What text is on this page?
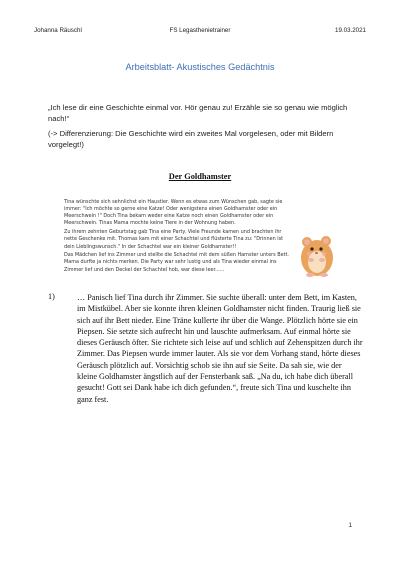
Johanna Räuschl	FS Legasthenietrainer	19.03.2021
Arbeitsblatt- Akustisches Gedächtnis
„Ich lese dir eine Geschichte einmal vor. Hör genau zu! Erzähle sie so genau wie möglich nach!“
(-> Differenzierung: Die Geschichte wird ein zweites Mal vorgelesen, oder mit Bildern vorgelegt!)
Der Goldhamster

Tina wünschte sich sehnlichst ein Haustier. Wenn es etwas zum Wünschen gab, sagte sie immer: "Ich möchte so gerne eine Katze! Oder wenigstens einen Goldhamster oder ein Meerschwein !" Doch Tina bekam weder eine Katze noch einen Goldhamster oder ein Meerschwein. Tinas Mama mochte keine Tiere in der Wohnung haben.

Zu ihrem zehnten Geburtstag gab Tina eine Party. Viele Freunde kamen und brachten ihr nette Geschenke mit. Thomas kam mit einer Schachtel und flüsterte Tina zu: "Drinnen ist dein Lieblingswunsch." In der Schachtel war ein kleiner Goldhamster!!

Das Mädchen lief ins Zimmer und stellte die Schachtel mit dem süßen Hamster unters Bett. Mama durfte ja nichts merken. Die Party war sehr lustig und als Tina wieder einmal ins Zimmer lief und den Deckel der Schachtel hob, war diese leer......

1)	… Panisch lief Tina durch ihr Zimmer. Sie suchte überall: unter dem Bett, im Kasten, im Mistkübel. Aber sie konnte ihren kleinen Goldhamster nicht finden. Traurig ließ sie sich auf ihr Bett nieder. Eine Träne kullerte ihr über die Wange. Plötzlich hörte sie ein Piepsen. Sie setzte sich aufrecht hin und lauschte aufmerksam. Auf einmal hörte sie dieses Geräusch öfter. Sie richtete sich leise auf und schlich auf Zehenspitzen durch ihr Zimmer. Das Piepsen wurde immer lauter. Als sie vor dem Vorhang stand, hörte dieses Geräusch plötzlich auf. Vorsichtig schob sie ihn auf sie Seite. Da sah sie, wie der kleine Goldhamster ängstlich auf der Fensterbank saß. „Na du, ich habe dich überall gesucht! Gott sei Dank habe ich dich gefunden.“, freute sich Tina und kuschelte ihn ganz fest.
1
